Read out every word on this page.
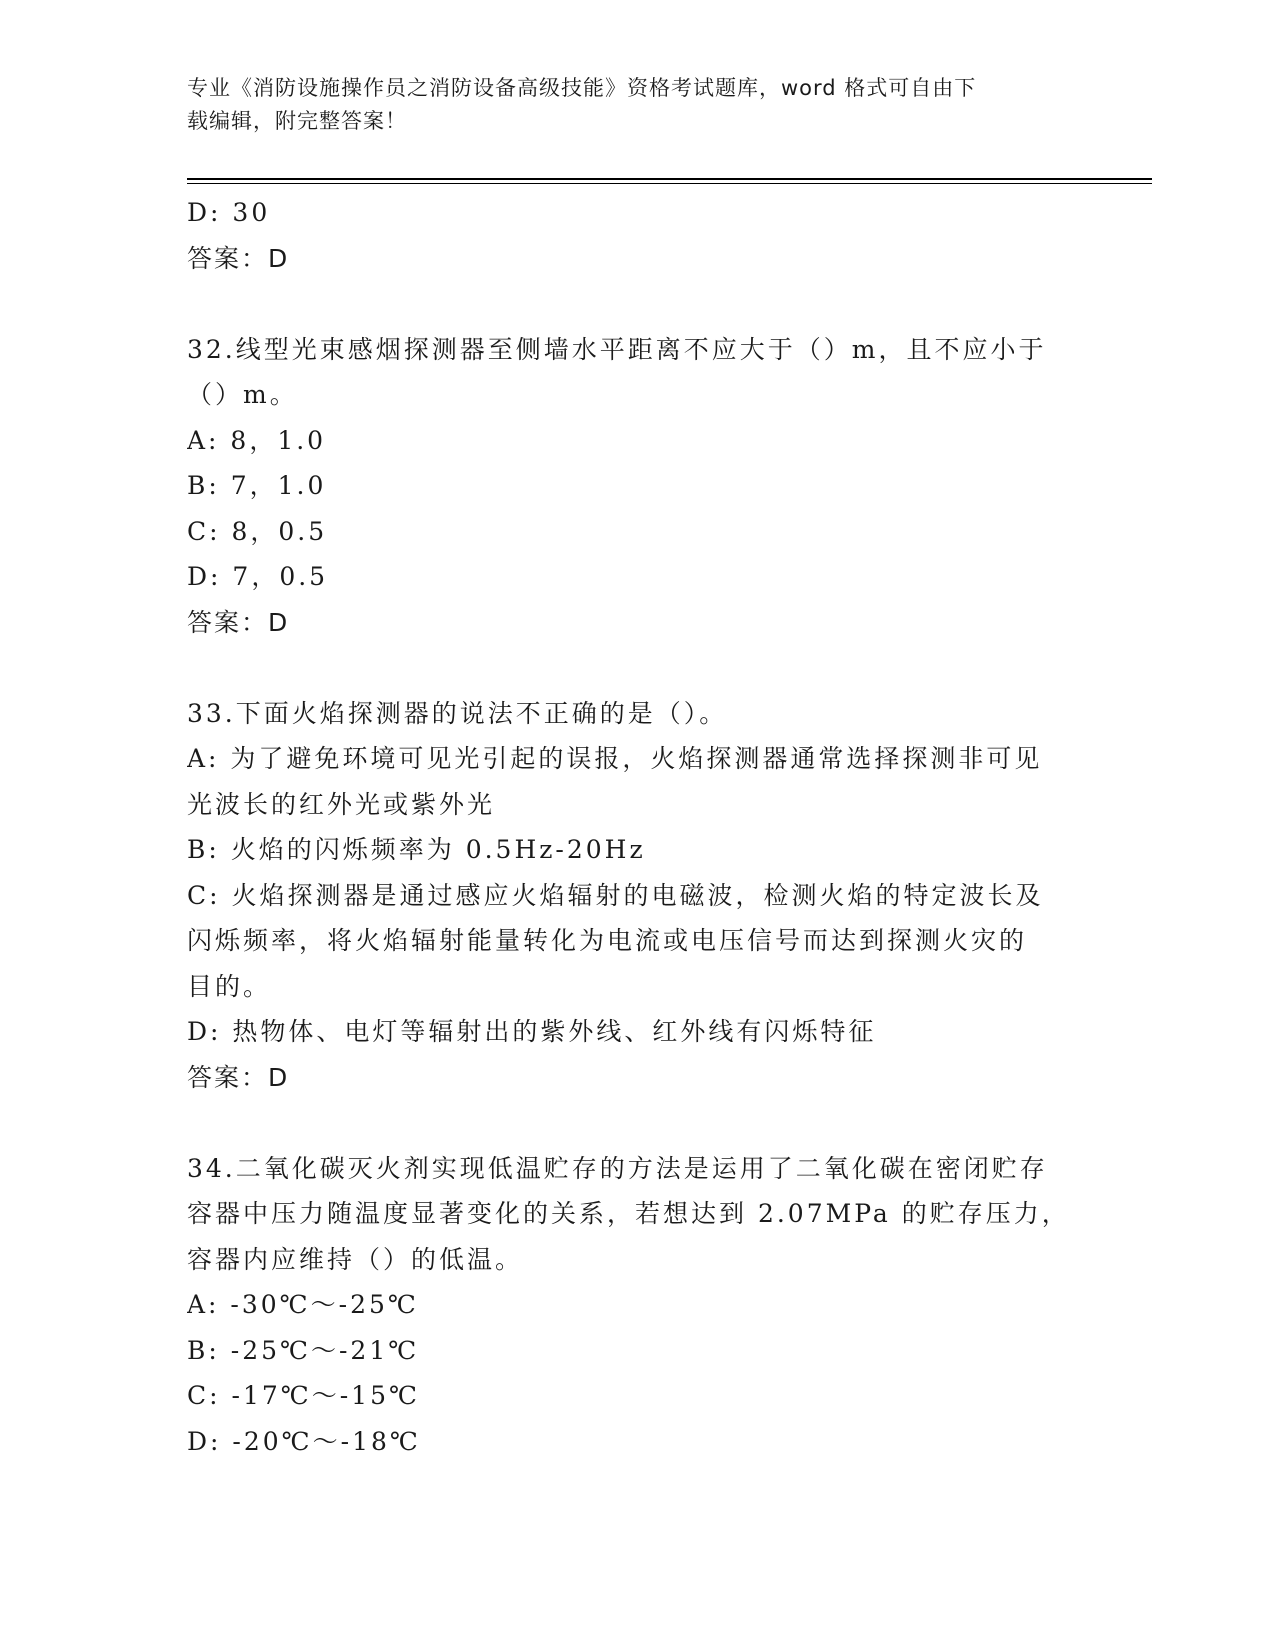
专业《消防设施操作员之消防设备高级技能》资格考试题库，word 格式可自由下
载编辑，附完整答案！
D: 30
答案：D
32.线型光束感烟探测器至侧墙水平距离不应大于（）m，且不应小于
（）m。
A: 8，1.0
B: 7，1.0
C: 8，0.5
D: 7，0.5
答案：D
33.下面火焰探测器的说法不正确的是（）。
A: 为了避免环境可见光引起的误报，火焰探测器通常选择探测非可见
光波长的红外光或紫外光
B: 火焰的闪烁频率为 0.5Hz-20Hz
C: 火焰探测器是通过感应火焰辐射的电磁波，检测火焰的特定波长及
闪烁频率，将火焰辐射能量转化为电流或电压信号而达到探测火灾的
目的。
D: 热物体、电灯等辐射出的紫外线、红外线有闪烁特征
答案：D
34.二氧化碳灭火剂实现低温贮存的方法是运用了二氧化碳在密闭贮存
容器中压力随温度显著变化的关系，若想达到 2.07MPa 的贮存压力，
容器内应维持（）的低温。
A: -30℃～-25℃
B: -25℃～-21℃
C: -17℃～-15℃
D: -20℃～-18℃
